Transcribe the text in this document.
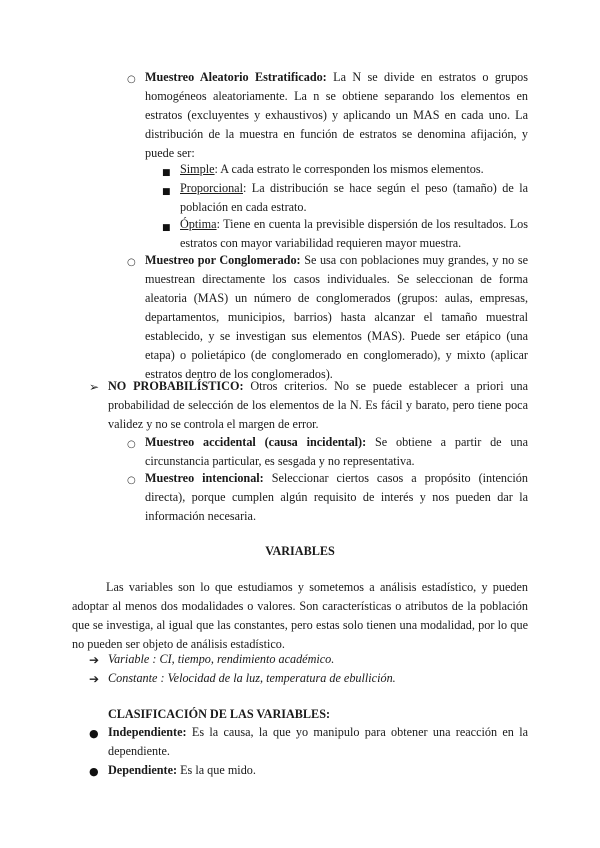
○ Muestreo Aleatorio Estratificado: La N se divide en estratos o grupos homogéneos aleatoriamente. La n se obtiene separando los elementos en estratos (excluyentes y exhaustivos) y aplicando un MAS en cada uno. La distribución de la muestra en función de estratos se denomina afijación, y puede ser:

■ Simple: A cada estrato le corresponden los mismos elementos.

■ Proporcional: La distribución se hace según el peso (tamaño) de la población en cada estrato.

■ Óptima: Tiene en cuenta la previsible dispersión de los resultados. Los estratos con mayor variabilidad requieren mayor muestra.

○ Muestreo por Conglomerado: Se usa con poblaciones muy grandes, y no se muestrean directamente los casos individuales. Se seleccionan de forma aleatoria (MAS) un número de conglomerados (grupos: aulas, empresas, departamentos, municipios, barrios) hasta alcanzar el tamaño muestral establecido, y se investigan sus elementos (MAS). Puede ser etápico (una etapa) o polietápico (de conglomerado en conglomerado), y mixto (aplicar estratos dentro de los conglomerados).

➢ NO PROBABILÍSTICO: Otros criterios. No se puede establecer a priori una probabilidad de selección de los elementos de la N. Es fácil y barato, pero tiene poca validez y no se controla el margen de error.

○ Muestreo accidental (causa incidental): Se obtiene a partir de una circunstancia particular, es sesgada y no representativa.

○ Muestreo intencional: Seleccionar ciertos casos a propósito (intención directa), porque cumplen algún requisito de interés y nos pueden dar la información necesaria.

VARIABLES

Las variables son lo que estudiamos y sometemos a análisis estadístico, y pueden adoptar al menos dos modalidades o valores. Son características o atributos de la población que se investiga, al igual que las constantes, pero estas solo tienen una modalidad, por lo que no pueden ser objeto de análisis estadístico.

➔ Variable : CI, tiempo, rendimiento académico.
➔ Constante : Velocidad de la luz, temperatura de ebullición.
CLASIFICACIÓN DE LAS VARIABLES:
● Independiente: Es la causa, la que yo manipulo para obtener una reacción en la dependiente.

● Dependiente: Es la que mido.
